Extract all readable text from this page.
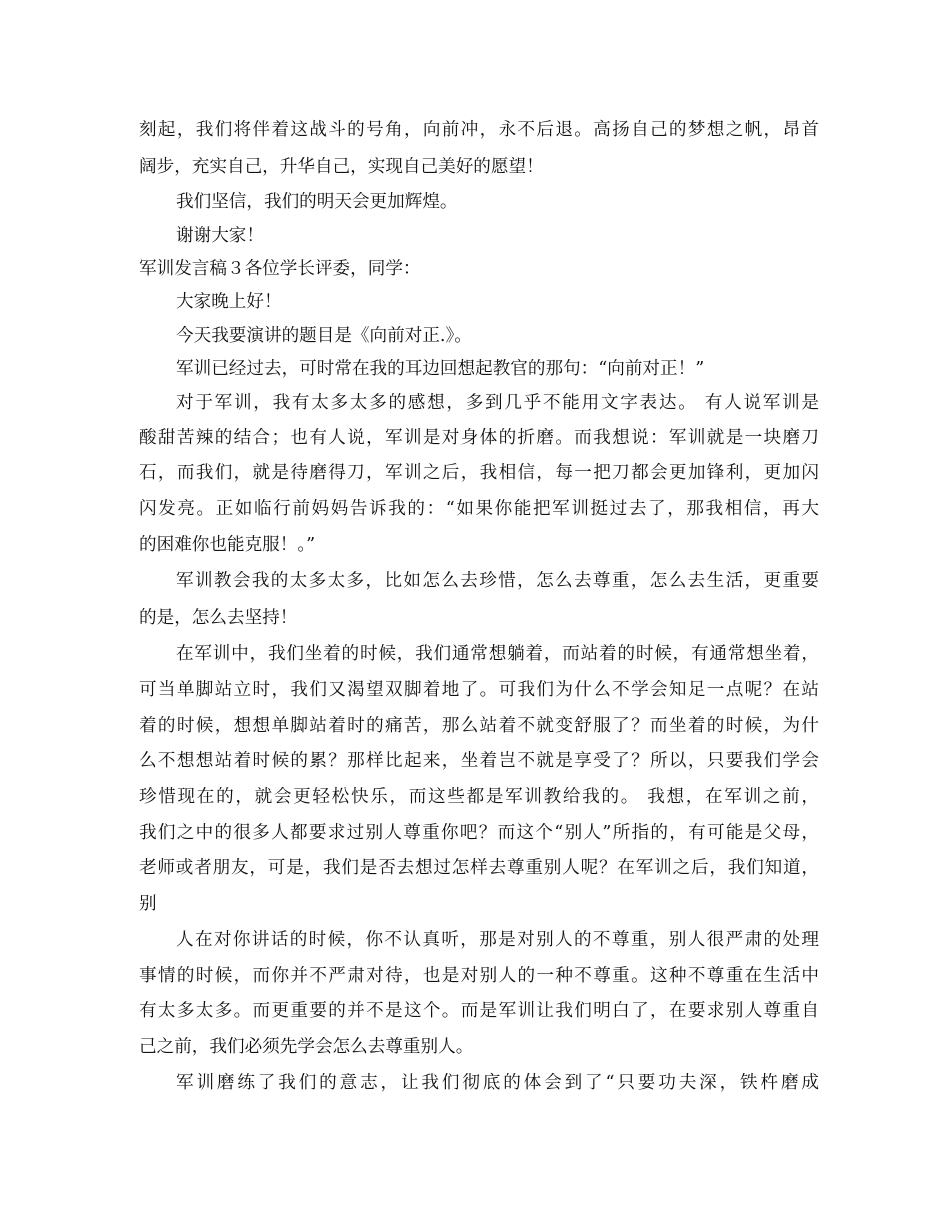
刻起，我们将伴着这战斗的号角，向前冲，永不后退。高扬自己的梦想之帆，昂首
阔步，充实自己，升华自己，实现自己美好的愿望！
我们坚信，我们的明天会更加辉煌。
谢谢大家！
军训发言稿３各位学长评委，同学：
大家晚上好！
今天我要演讲的题目是《向前对正.》。
军训已经过去，可时常在我的耳边回想起教官的那句：“向前对正！”
对于军训，我有太多太多的感想，多到几乎不能用文字表达。 有人说军训是
酸甜苦辣的结合；也有人说，军训是对身体的折磨。而我想说：军训就是一块磨刀
石，而我们，就是待磨得刀，军训之后，我相信，每一把刀都会更加锋利，更加闪
闪发亮。正如临行前妈妈告诉我的：“如果你能把军训挺过去了，那我相信，再大
的困难你也能克服！。”
军训教会我的太多太多，比如怎么去珍惜，怎么去尊重，怎么去生活，更重要
的是，怎么去坚持！
在军训中，我们坐着的时候，我们通常想躺着，而站着的时候，有通常想坐着，
可当单脚站立时，我们又渴望双脚着地了。可我们为什么不学会知足一点呢？在站
着的时候，想想单脚站着时的痛苦，那么站着不就变舒服了？而坐着的时候，为什
么不想想站着时候的累？那样比起来，坐着岂不就是享受了？所以，只要我们学会
珍惜现在的，就会更轻松快乐，而这些都是军训教给我的。 我想，在军训之前，
我们之中的很多人都要求过别人尊重你吧？而这个“别人”所指的，有可能是父母，
老师或者朋友，可是，我们是否去想过怎样去尊重别人呢？在军训之后，我们知道，
别
人在对你讲话的时候，你不认真听，那是对别人的不尊重，别人很严肃的处理
事情的时候，而你并不严肃对待，也是对别人的一种不尊重。这种不尊重在生活中
有太多太多。而更重要的并不是这个。而是军训让我们明白了，在要求别人尊重自
己之前，我们必须先学会怎么去尊重别人。
军训磨练了我们的意志，让我们彻底的体会到了“只要功夫深，铁杵磨成
